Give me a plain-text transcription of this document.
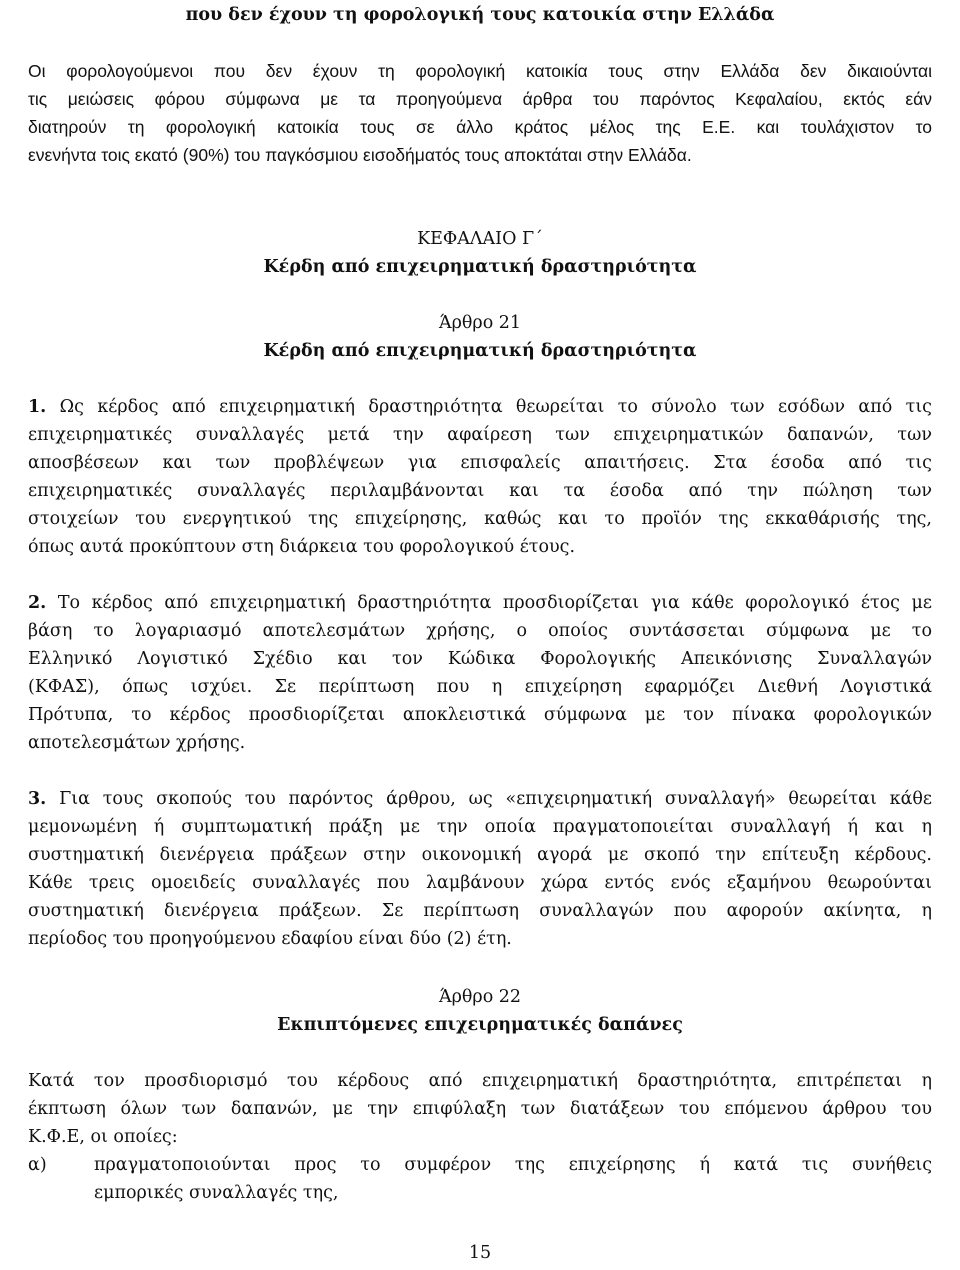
που δεν έχουν τη φορολογική τους κατοικία στην Ελλάδα
Οι φορολογούμενοι που δεν έχουν τη φορολογική κατοικία τους στην Ελλάδα δεν δικαιούνται
τις μειώσεις φόρου σύμφωνα με τα προηγούμενα άρθρα του παρόντος Κεφαλαίου, εκτός εάν
διατηρούν τη φορολογική κατοικία τους σε άλλο κράτος μέλος της Ε.Ε. και τουλάχιστον το
ενενήντα τοις εκατό (90%) του παγκόσμιου εισοδήματός τους αποκτάται στην Ελλάδα.
ΚΕΦΑΛΑΙΟ Γ΄
Κέρδη από επιχειρηματική δραστηριότητα
Άρθρο 21
Κέρδη από επιχειρηματική δραστηριότητα
1. Ως κέρδος από επιχειρηματική δραστηριότητα θεωρείται το σύνολο των εσόδων από τις
επιχειρηματικές συναλλαγές μετά την αφαίρεση των επιχειρηματικών δαπανών, των
αποσβέσεων και των προβλέψεων για επισφαλείς απαιτήσεις. Στα έσοδα από τις
επιχειρηματικές συναλλαγές περιλαμβάνονται και τα έσοδα από την πώληση των
στοιχείων του ενεργητικού της επιχείρησης, καθώς και το προϊόν της εκκαθάρισής της,
όπως αυτά προκύπτουν στη διάρκεια του φορολογικού έτους.
2. Το κέρδος από επιχειρηματική δραστηριότητα προσδιορίζεται για κάθε φορολογικό έτος με
βάση το λογαριασμό αποτελεσμάτων χρήσης, ο οποίος συντάσσεται σύμφωνα με το
Ελληνικό Λογιστικό Σχέδιο και τον Κώδικα Φορολογικής Απεικόνισης Συναλλαγών
(ΚΦΑΣ), όπως ισχύει. Σε περίπτωση που η επιχείρηση εφαρμόζει Διεθνή Λογιστικά
Πρότυπα, το κέρδος προσδιορίζεται αποκλειστικά σύμφωνα με τον πίνακα φορολογικών
αποτελεσμάτων χρήσης.
3. Για τους σκοπούς του παρόντος άρθρου, ως «επιχειρηματική συναλλαγή» θεωρείται κάθε
μεμονωμένη ή συμπτωματική πράξη με την οποία πραγματοποιείται συναλλαγή ή και η
συστηματική διενέργεια πράξεων στην οικονομική αγορά με σκοπό την επίτευξη κέρδους.
Κάθε τρεις ομοειδείς συναλλαγές που λαμβάνουν χώρα εντός ενός εξαμήνου θεωρούνται
συστηματική διενέργεια πράξεων. Σε περίπτωση συναλλαγών που αφορούν ακίνητα, η
περίοδος του προηγούμενου εδαφίου είναι δύο (2) έτη.
Άρθρο 22
Εκπιπτόμενες επιχειρηματικές δαπάνες
Κατά τον προσδιορισμό του κέρδους από επιχειρηματική δραστηριότητα, επιτρέπεται η
έκπτωση όλων των δαπανών, με την επιφύλαξη των διατάξεων του επόμενου άρθρου του
Κ.Φ.Ε, οι οποίες:
α)	πραγματοποιούνται προς το συμφέρον της επιχείρησης ή κατά τις συνήθεις
εμπορικές συναλλαγές της,
15
